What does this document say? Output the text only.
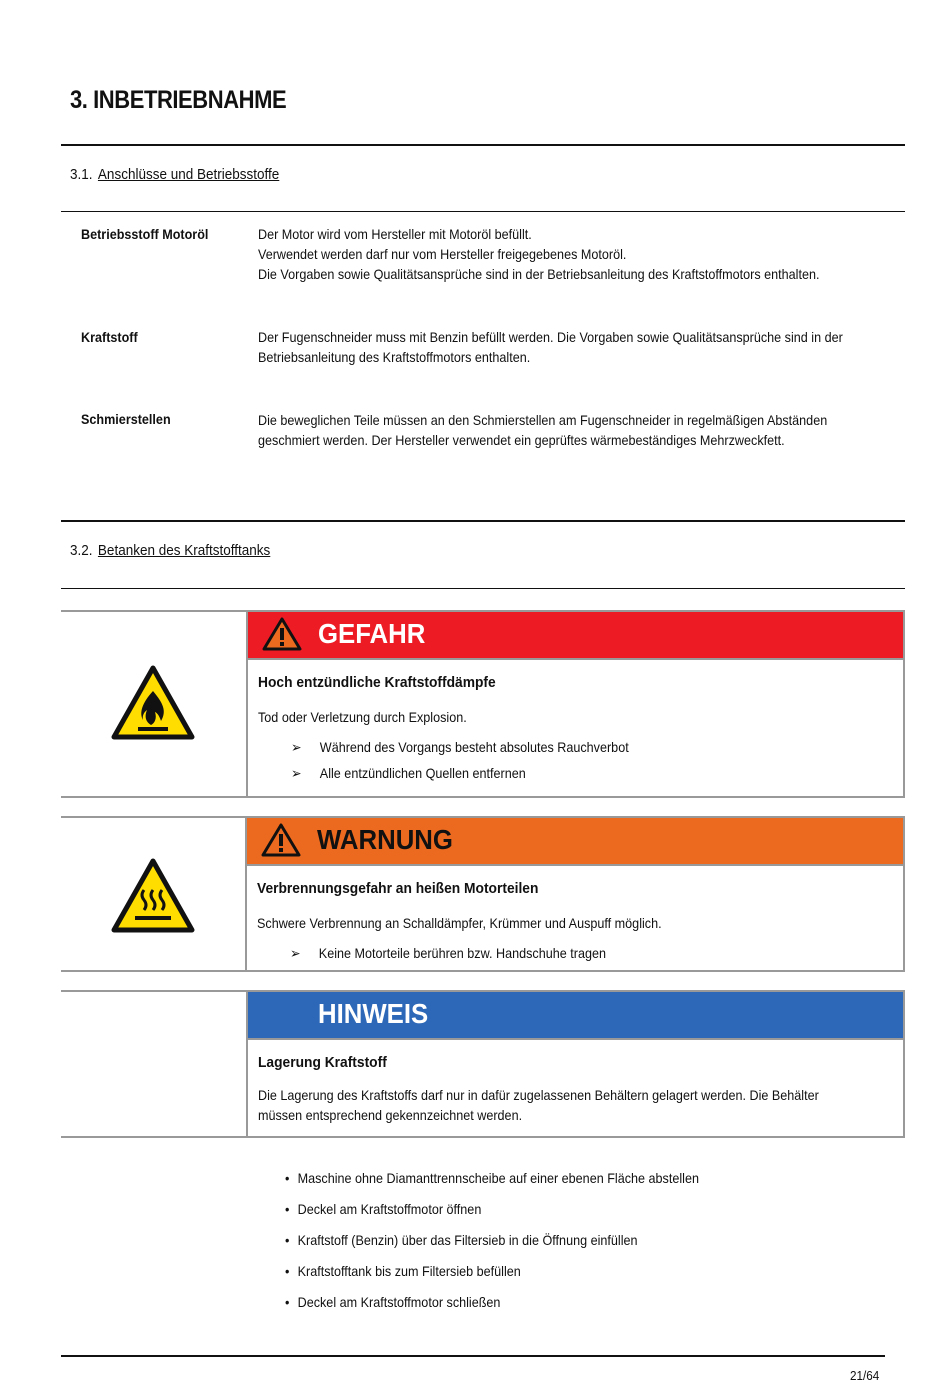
3. INBETRIEBNAHME
3.1. Anschlüsse und Betriebsstoffe
Betriebsstoff Motoröl	Der Motor wird vom Hersteller mit Motoröl befüllt.

Verwendet werden darf nur vom Hersteller freigegebenes Motoröl.

Die Vorgaben sowie Qualitätsansprüche sind in der Betriebsanleitung des Kraftstoffmotors enthalten.

Kraftstoff	Der Fugenschneider muss mit Benzin befüllt werden. Die Vorgaben sowie Qualitätsansprüche sind in der

Betriebsanleitung des Kraftstoffmotors enthalten.

Schmierstellen	Die beweglichen Teile müssen an den Schmierstellen am Fugenschneider in regelmäßigen Abständen

geschmiert werden. Der Hersteller verwendet ein geprüftes wärmebeständiges Mehrzweckfett.

3.2. Betanken des Kraftstofftanks
GEFAHR
Hoch entzündliche Kraftstoffdämpfe

Tod oder Verletzung durch Explosion.

➢ Während des Vorgangs besteht absolutes Rauchverbot
➢ Alle entzündlichen Quellen entfernen
WARNUNG
Verbrennungsgefahr an heißen Motorteilen

Schwere Verbrennung an Schalldämpfer, Krümmer und Auspuff möglich.

➢ Keine Motorteile berühren bzw. Handschuhe tragen
HINWEIS
Lagerung Kraftstoff

Die Lagerung des Kraftstoffs darf nur in dafür zugelassenen Behältern gelagert werden. Die Behälter

müssen entsprechend gekennzeichnet werden.

• Maschine ohne Diamanttrennscheibe auf einer ebenen Fläche abstellen
• Deckel am Kraftstoffmotor öffnen
• Kraftstoff (Benzin) über das Filtersieb in die Öffnung einfüllen
• Kraftstofftank bis zum Filtersieb befüllen
• Deckel am Kraftstoffmotor schließen
21/64
